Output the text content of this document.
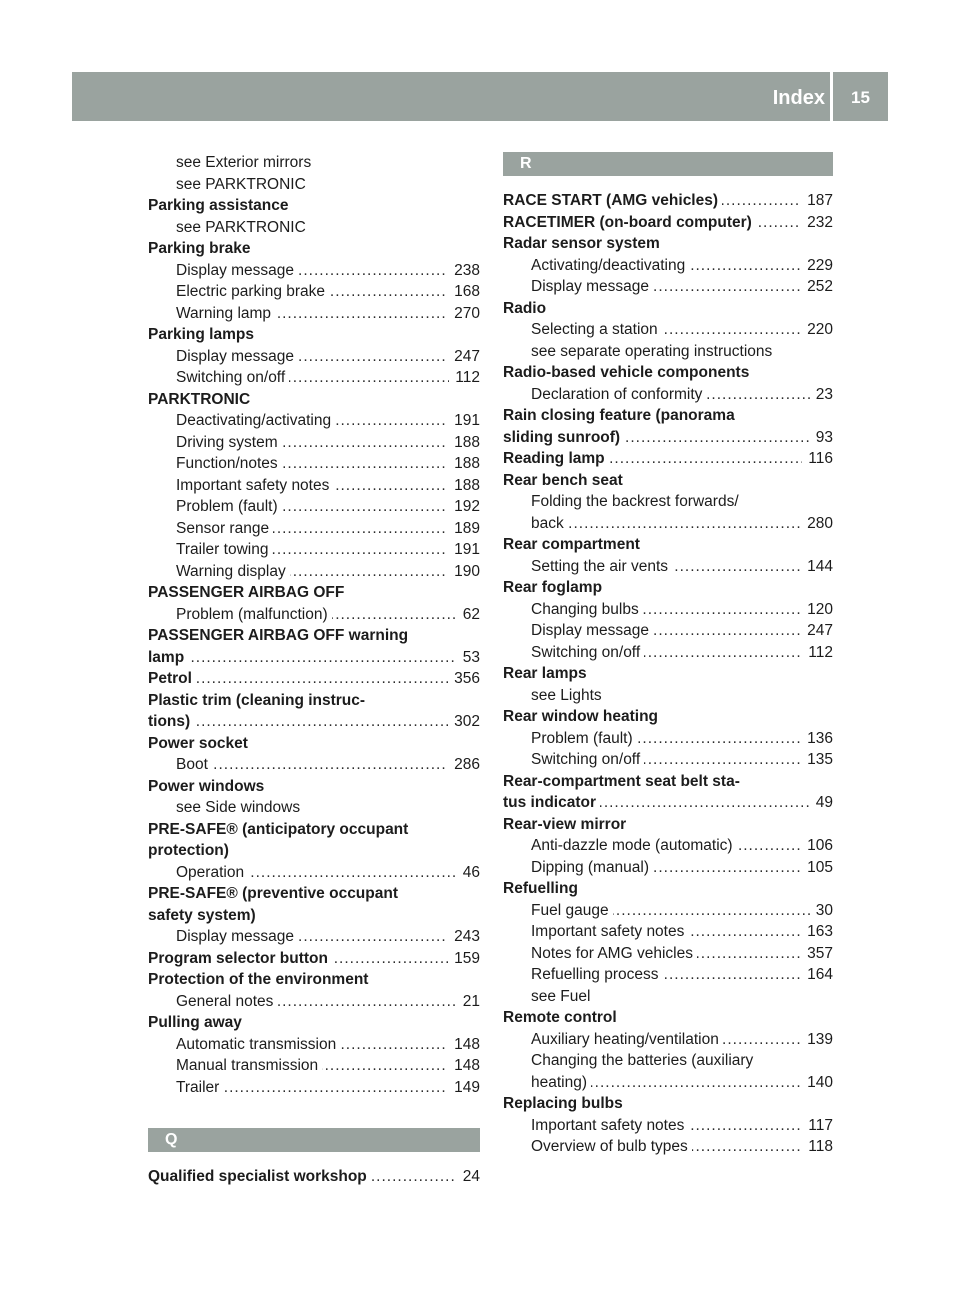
Index	15
see Exterior mirrors
see PARKTRONIC
Parking assistance
see PARKTRONIC
Parking brake
Display message	238
.....
Electric parking brake	168
.....
Warning lamp	270
.....
Parking lamps
Display message	247
.....
Switching on/off	112
.....
PARKTRONIC
Deactivating/activating	191
.....
Driving system	188
.....
Function/notes	188
.....
Important safety notes	188
.....
Problem (fault)	192
.....
Sensor range	189
.....
Trailer towing	191
.....
Warning display	190
.....
PASSENGER AIRBAG OFF
Problem (malfunction)	62
.....
PASSENGER AIRBAG OFF warning
lamp	53
.....
Petrol	356
.....
Plastic trim (cleaning instruc-
tions)	302
.....
Power socket
Boot	286
.....
Power windows
see Side windows
PRE-SAFE® (anticipatory occupant
protection)
Operation	46
.....
PRE-SAFE® (preventive occupant
safety system)
Display message	243
.....
Program selector button	159
.....
Protection of the environment
General notes	21
.....
Pulling away
Automatic transmission	148
.....
Manual transmission	148
.....
Trailer	149
.....
Q
Qualified specialist workshop	24
.....
R
RACE START (AMG vehicles)	187
.....
RACETIMER (on-board computer)	232
.....
Radar sensor system
Activating/deactivating	229
.....
Display message	252
.....
Radio
Selecting a station	220
.....
see separate operating instructions
Radio-based vehicle components
Declaration of conformity	23
.....
Rain closing feature (panorama
sliding sunroof)	93
.....
Reading lamp	116
.....
Rear bench seat
Folding the backrest forwards/
back	280
.....
Rear compartment
Setting the air vents	144
.....
Rear foglamp
Changing bulbs	120
.....
Display message	247
.....
Switching on/off	112
.....
Rear lamps
see Lights
Rear window heating
Problem (fault)	136
.....
Switching on/off	135
.....
Rear-compartment seat belt sta-
tus indicator	49
.....
Rear-view mirror
Anti-dazzle mode (automatic)	106
.....
Dipping (manual)	105
.....
Refuelling
Fuel gauge	30
.....
Important safety notes	163
.....
Notes for AMG vehicles	357
.....
Refuelling process	164
.....
see Fuel
Remote control
Auxiliary heating/ventilation	139
.....
Changing the batteries (auxiliary
heating)	140
.....
Replacing bulbs
Important safety notes	117
.....
Overview of bulb types	118
.....
